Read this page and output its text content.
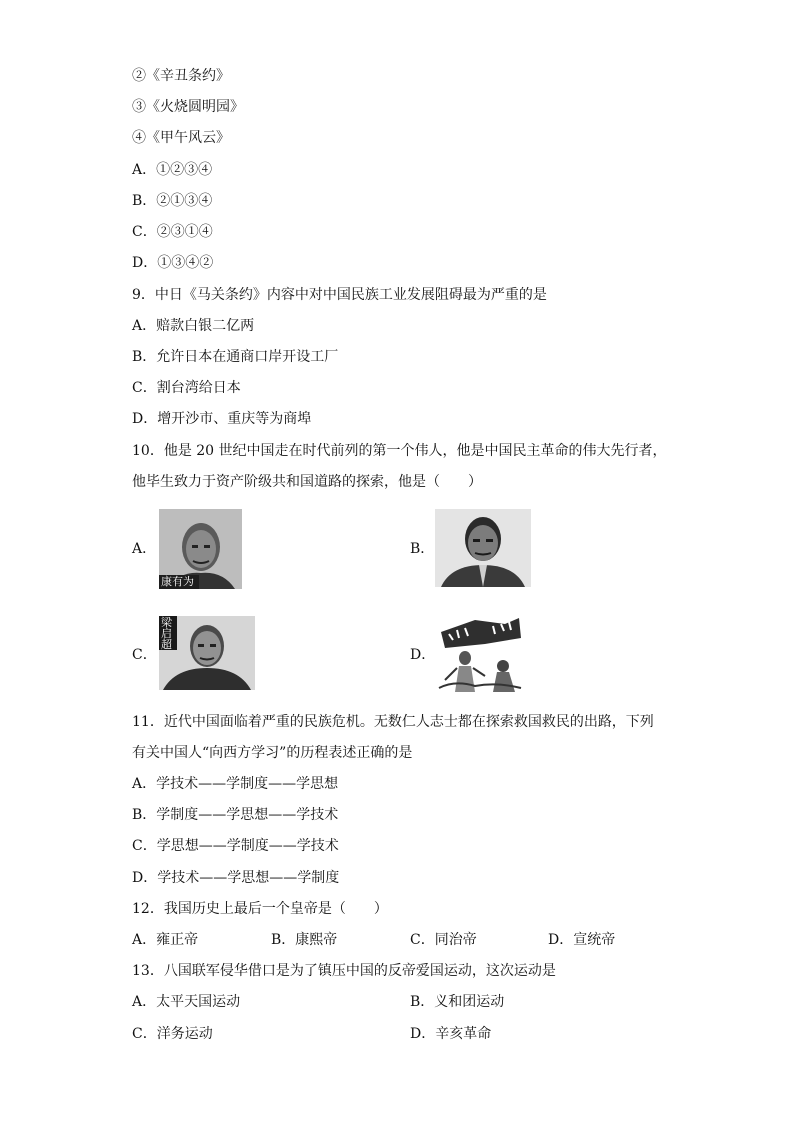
②《辛丑条约》
③《火烧圆明园》
④《甲午风云》
A．①②③④
B．②①③④
C．②③①④
D．①③④②
9．中日《马关条约》内容中对中国民族工业发展阻碍最为严重的是
A．赔款白银二亿两
B．允许日本在通商口岸开设工厂
C．割台湾给日本
D．增开沙市、重庆等为商埠
10．他是 20 世纪中国走在时代前列的第一个伟人，他是中国民主革命的伟大先行者，
他毕生致力于资产阶级共和国道路的探索，他是（　　）
A．
康有为
B．
C．
梁启超
D．
11．近代中国面临着严重的民族危机。无数仁人志士都在探索救国救民的出路，下列
有关中国人“向西方学习”的历程表述正确的是
A．学技术——学制度——学思想
B．学制度——学思想——学技术
C．学思想——学制度——学技术
D．学技术——学思想——学制度
12．我国历史上最后一个皇帝是（　　）
A．雍正帝	B．康熙帝	C．同治帝	D．宣统帝
13．八国联军侵华借口是为了镇压中国的反帝爱国运动，这次运动是
A．太平天国运动	B．义和团运动
C．洋务运动	D．辛亥革命
